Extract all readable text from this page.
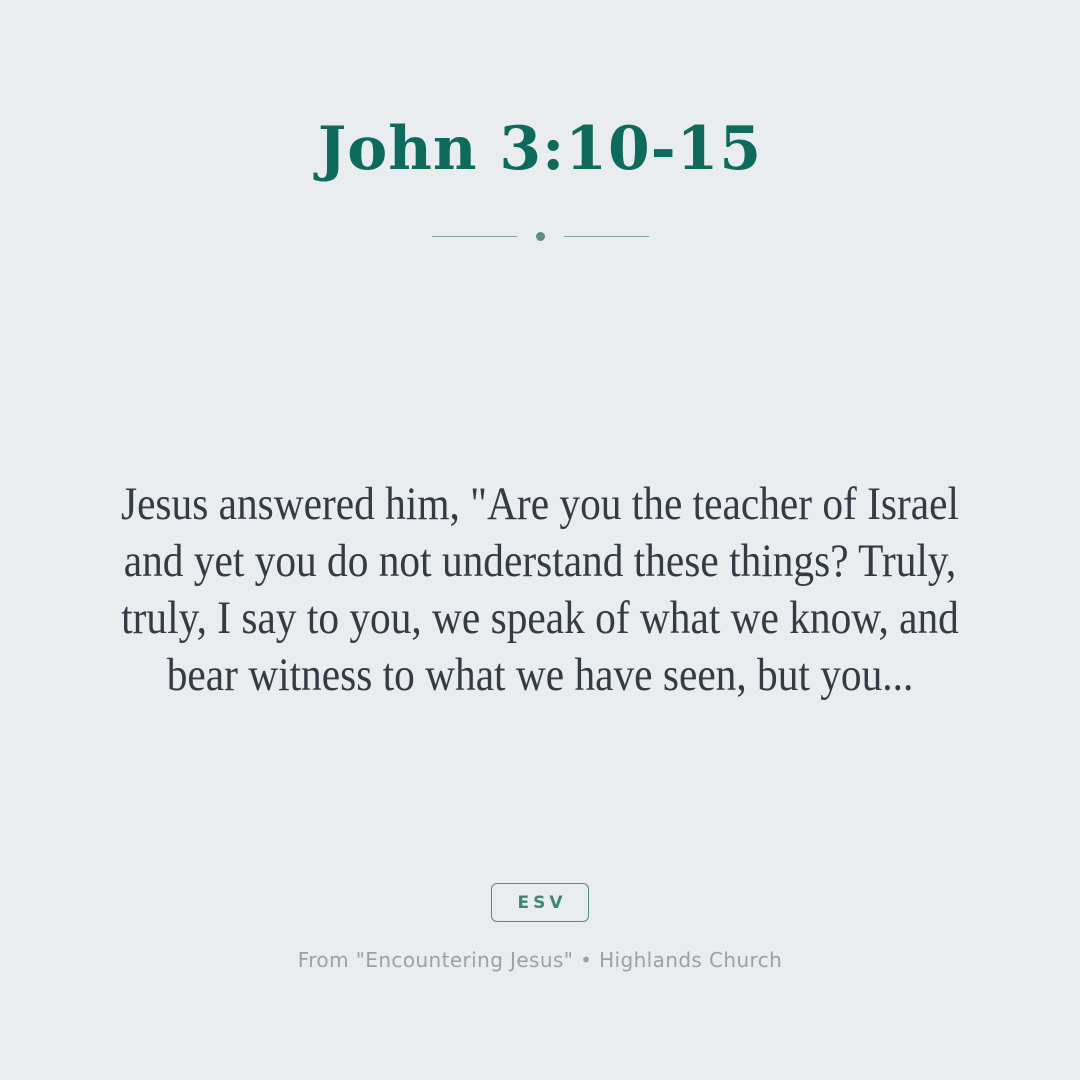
John 3:10-15
Jesus answered him, "Are you the teacher of Israel
and yet you do not understand these things? Truly,
truly, I say to you, we speak of what we know, and
bear witness to what we have seen, but you...
ESV
From "Encountering Jesus" • Highlands Church
